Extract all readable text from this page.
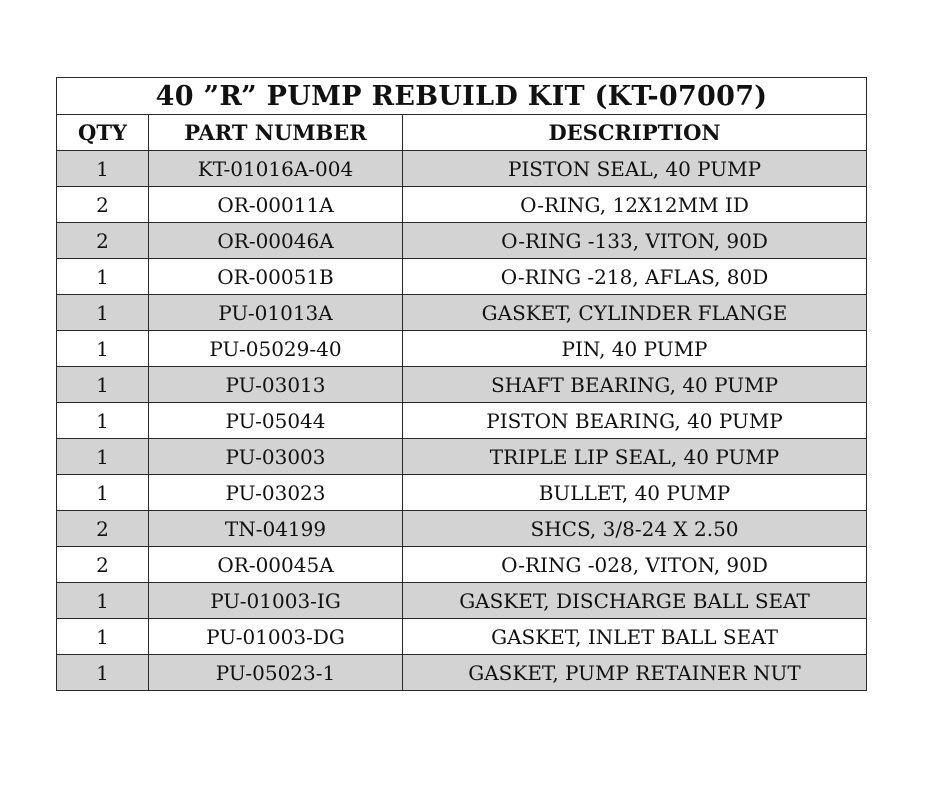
40 ”R” PUMP REBUILD KIT (KT-07007)		
QTY	PART NUMBER	DESCRIPTION
1	KT-01016A-004	PISTON SEAL, 40 PUMP
2	OR-00011A	O-RING, 12X12MM ID
2	OR-00046A	O-RING -133, VITON, 90D
1	OR-00051B	O-RING -218, AFLAS, 80D
1	PU-01013A	GASKET, CYLINDER FLANGE
1	PU-05029-40	PIN, 40 PUMP
1	PU-03013	SHAFT BEARING, 40 PUMP
1	PU-05044	PISTON BEARING, 40 PUMP
1	PU-03003	TRIPLE LIP SEAL, 40 PUMP
1	PU-03023	BULLET, 40 PUMP
2	TN-04199	SHCS, 3/8-24 X 2.50
2	OR-00045A	O-RING -028, VITON, 90D
1	PU-01003-IG	GASKET, DISCHARGE BALL SEAT
1	PU-01003-DG	GASKET, INLET BALL SEAT
1	PU-05023-1	GASKET, PUMP RETAINER NUT
